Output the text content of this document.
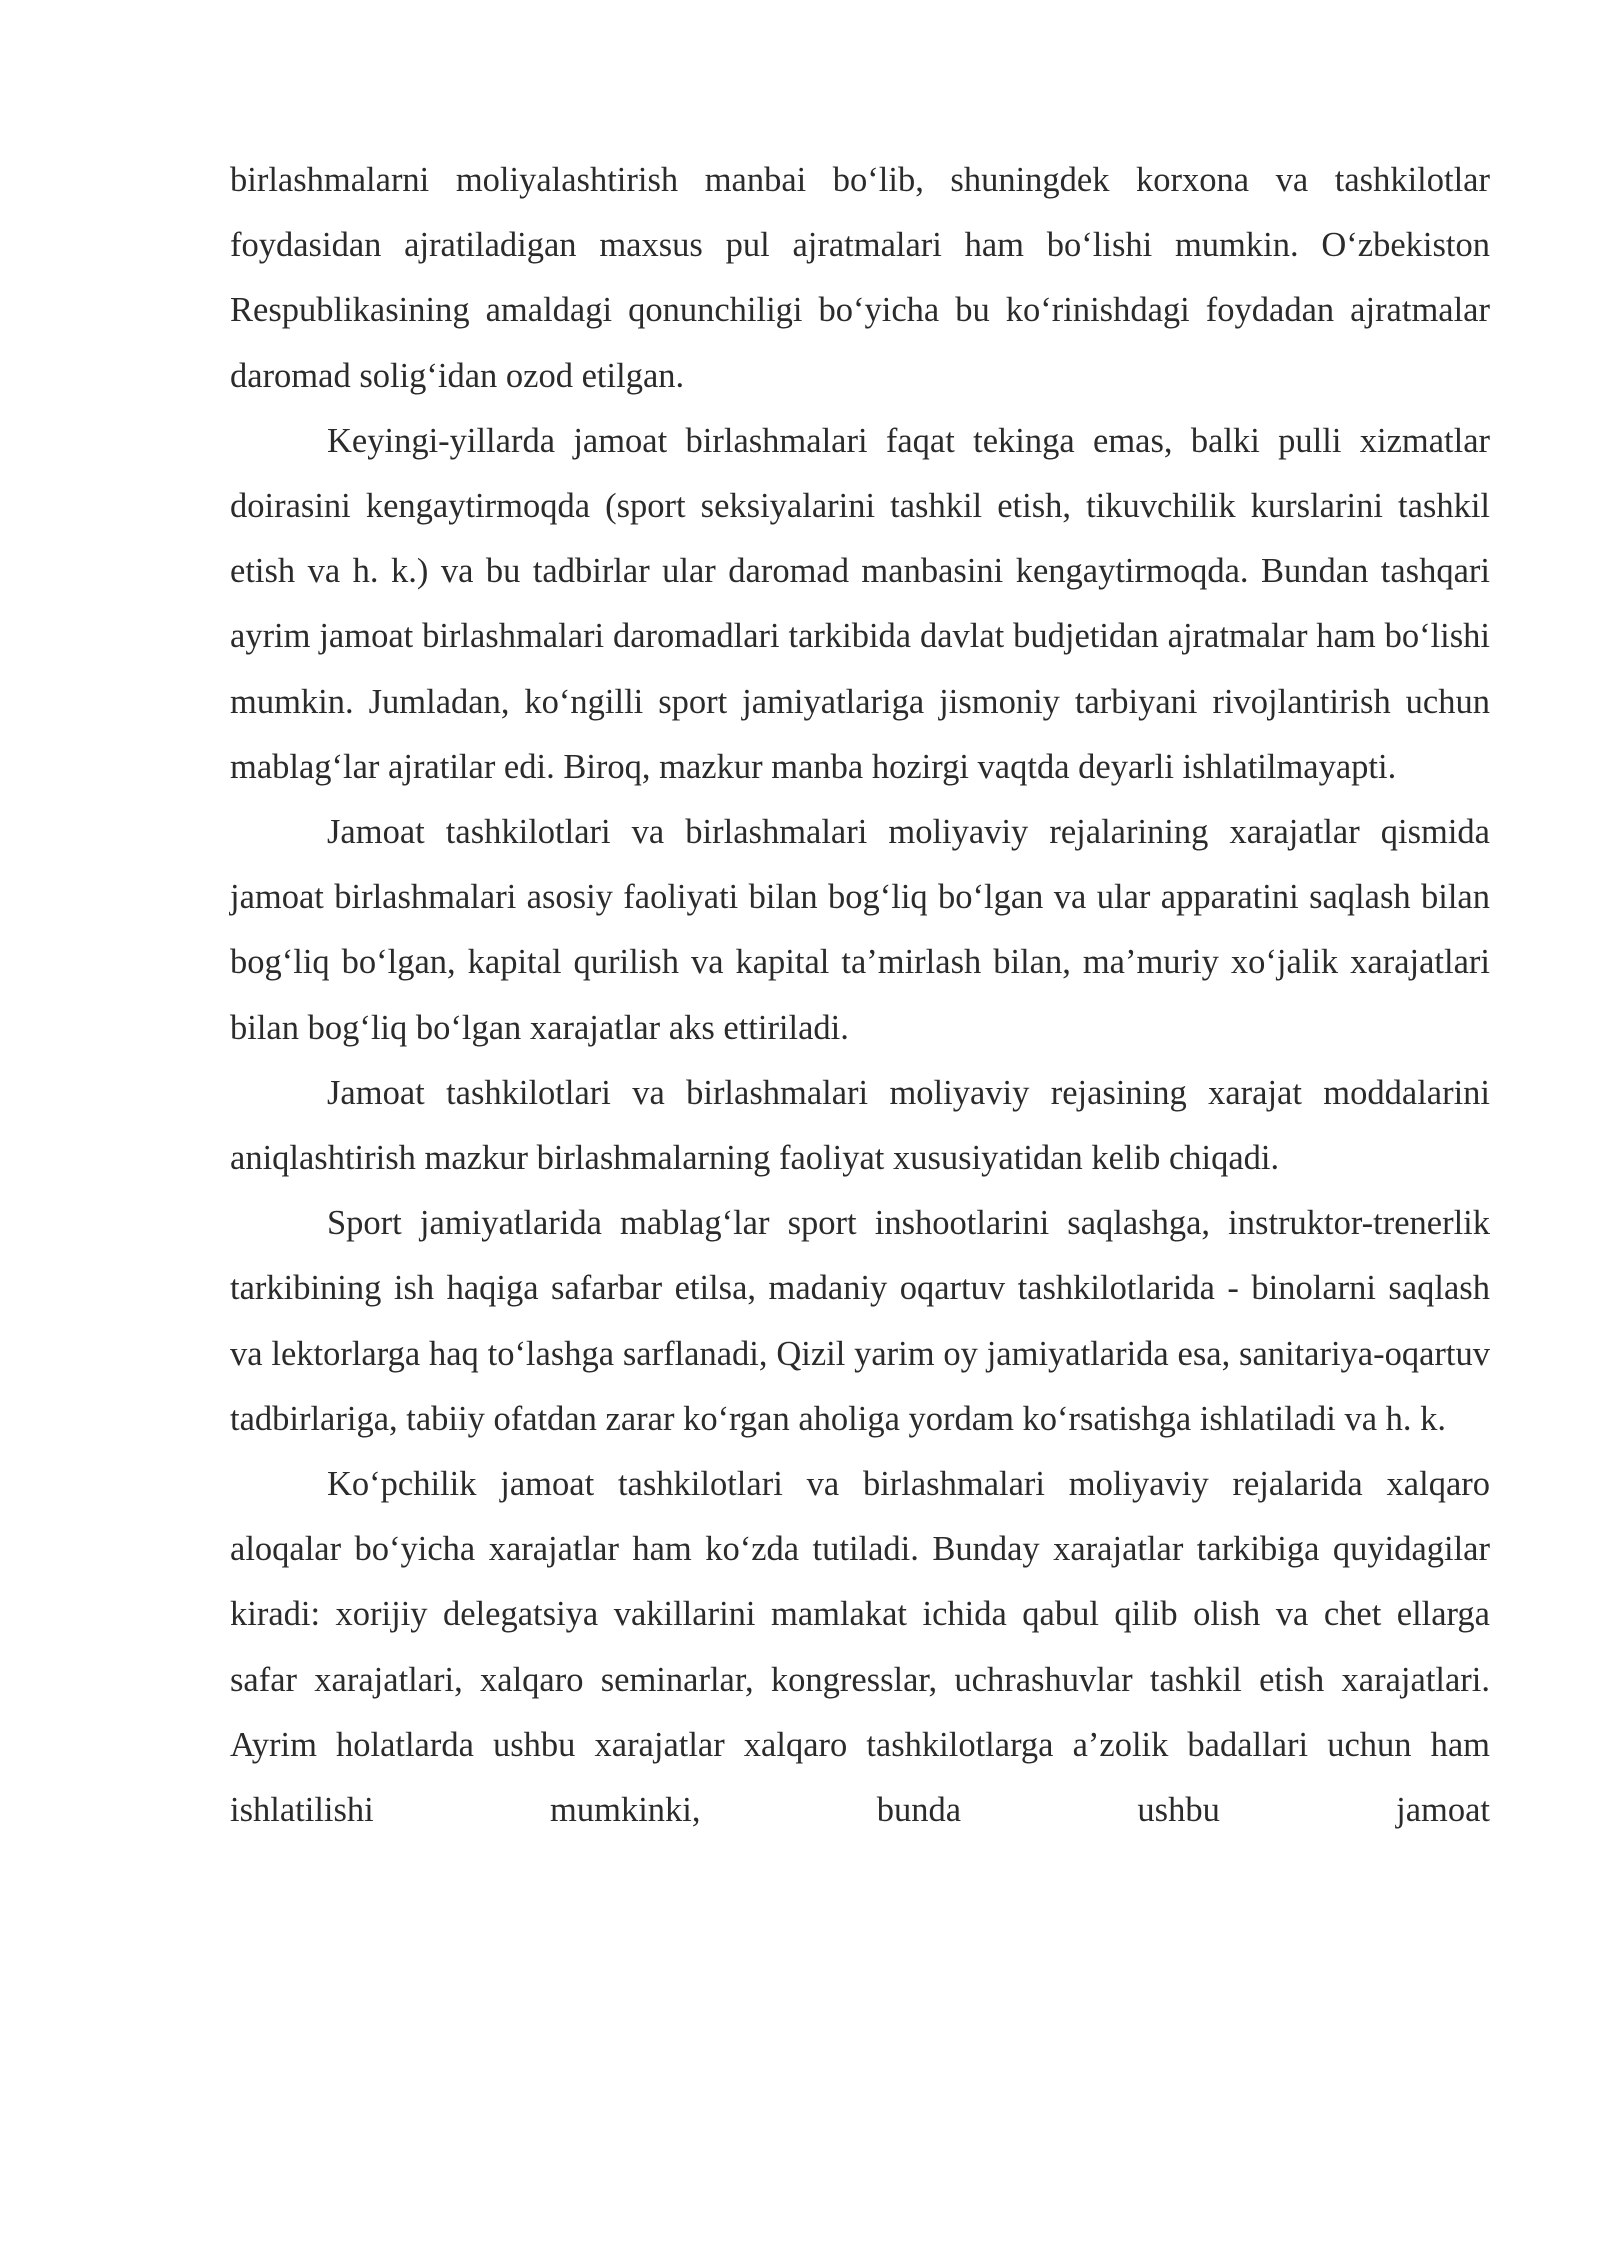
birlashmalarni moliyalashtirish manbai bo‘lib, shuningdek korxona va tashkilotlar foydasidan ajratiladigan maxsus pul ajratmalari ham bo‘lishi mumkin. O‘zbekiston Respublikasining amaldagi qonunchiligi bo‘yicha bu ko‘rinishdagi foydadan ajratmalar daromad solig‘idan ozod etilgan.

Keyingi-yillarda jamoat birlashmalari faqat tekinga emas, balki pulli xizmatlar doirasini kengaytirmoqda (sport seksiyalarini tashkil etish, tikuvchilik kurslarini tashkil etish va h. k.) va bu tadbirlar ular daromad manbasini kengaytirmoqda. Bundan tashqari ayrim jamoat birlashmalari daromadlari tarkibida davlat budjetidan ajratmalar ham bo‘lishi mumkin. Jumladan, ko‘ngilli sport jamiyatlariga jismoniy tarbiyani rivojlantirish uchun mablag‘lar ajratilar edi. Biroq, mazkur manba hozirgi vaqtda deyarli ishlatilmayapti.

Jamoat tashkilotlari va birlashmalari moliyaviy rejalarining xarajatlar qismida jamoat birlashmalari asosiy faoliyati bilan bog‘liq bo‘lgan va ular apparatini saqlash bilan bog‘liq bo‘lgan, kapital qurilish va kapital ta’mirlash bilan, ma’muriy xo‘jalik xarajatlari bilan bog‘liq bo‘lgan xarajatlar aks ettiriladi.

Jamoat tashkilotlari va birlashmalari moliyaviy rejasining xarajat moddalarini aniqlashtirish mazkur birlashmalarning faoliyat xususiyatidan kelib chiqadi.

Sport jamiyatlarida mablag‘lar sport inshootlarini saqlashga, instruktor-trenerlik tarkibining ish haqiga safarbar etilsa, madaniy oqartuv tashkilotlarida - binolarni saqlash va lektorlarga haq to‘lashga sarflanadi, Qizil yarim oy jamiyatlarida esa, sanitariya-oqartuv tadbirlariga, tabiiy ofatdan zarar ko‘rgan aholiga yordam ko‘rsatishga ishlatiladi va h. k.

Ko‘pchilik jamoat tashkilotlari va birlashmalari moliyaviy rejalarida xalqaro aloqalar bo‘yicha xarajatlar ham ko‘zda tutiladi. Bunday xarajatlar tarkibiga quyidagilar kiradi: xorijiy delegatsiya vakillarini mamlakat ichida qabul qilib olish va chet ellarga safar xarajatlari, xalqaro seminarlar, kongresslar, uchrashuvlar tashkil etish xarajatlari. Ayrim holatlarda ushbu xarajatlar xalqaro tashkilotlarga a’zolik badallari uchun ham ishlatilishi mumkinki, bunda ushbu jamoat
